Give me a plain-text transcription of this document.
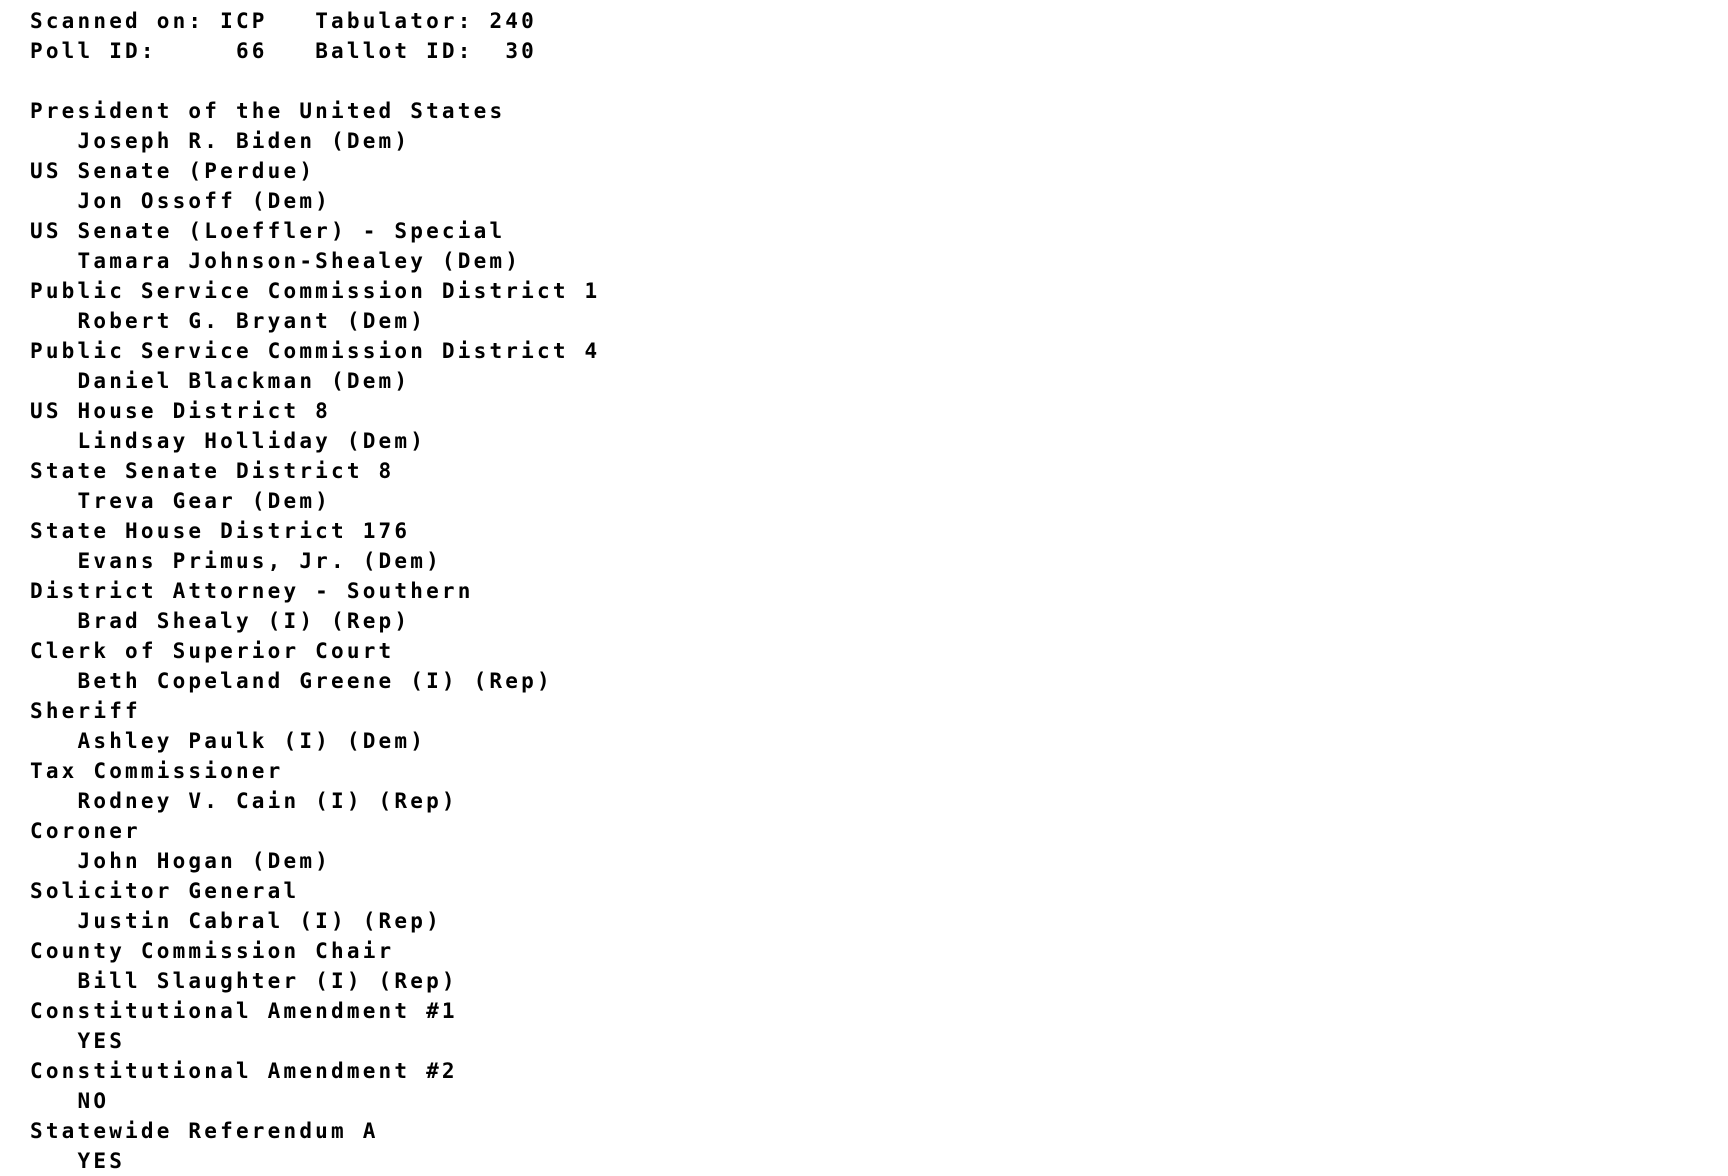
Scanned on: ICP Tabulator: 240
Poll ID:	66 Ballot ID: 30
President of the United States
Joseph R. Biden (Dem)
US Senate (Perdue)
Jon Ossoff (Dem)
US Senate (Loeffler) - Special
Tamara Johnson-Shealey (Dem)
Public Service Commission District 1
Robert G. Bryant (Dem)
Public Service Commission District 4
Daniel Blackman (Dem)
US House District 8
Lindsay Holliday (Dem)
State Senate District 8
Treva Gear (Dem)
State House District 176
Evans Primus, Jr. (Dem)
District Attorney - Southern
Brad Shealy (I) (Rep)
Clerk of Superior Court
Beth Copeland Greene (I) (Rep)
Sheriff
Ashley Paulk (I) (Dem)
Tax Commissioner
Rodney V. Cain (I) (Rep)
Coroner
John Hogan (Dem)
Solicitor General
Justin Cabral (I) (Rep)
County Commission Chair
Bill Slaughter (I) (Rep)
Constitutional Amendment #1
YES
Constitutional Amendment #2
NO
Statewide Referendum A
YES
